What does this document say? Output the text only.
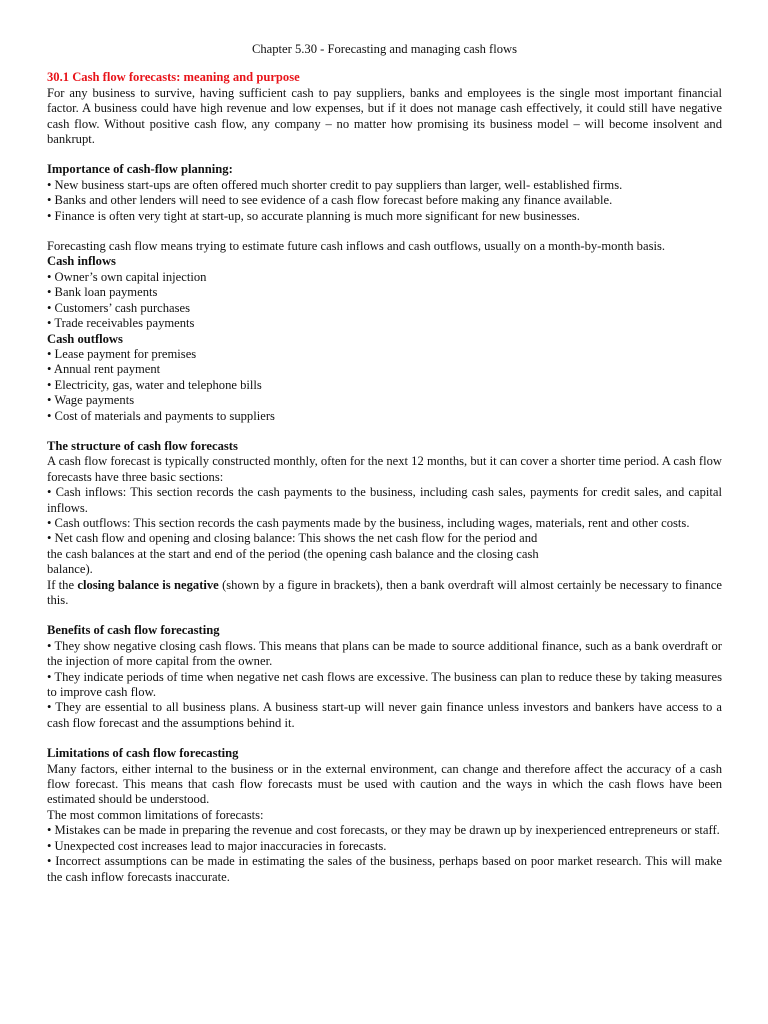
Chapter 5.30 - Forecasting and managing cash flows

30.1 Cash flow forecasts: meaning and purpose

For any business to survive, having sufficient cash to pay suppliers, banks and employees is the single most important financial factor. A business could have high revenue and low expenses, but if it does not manage cash effectively, it could still have negative cash flow. Without positive cash flow, any company – no matter how promising its business model – will become insolvent and bankrupt.

Importance of cash-flow planning:

• New business start-ups are often offered much shorter credit to pay suppliers than larger, well- established firms.
• Banks and other lenders will need to see evidence of a cash flow forecast before making any finance available.
• Finance is often very tight at start-up, so accurate planning is much more significant for new businesses.

Forecasting cash flow means trying to estimate future cash inflows and cash outflows, usually on a month-by-month basis.

Cash inflows

• Owner’s own capital injection
• Bank loan payments
• Customers’ cash purchases
• Trade receivables payments

Cash outflows

• Lease payment for premises
• Annual rent payment
• Electricity, gas, water and telephone bills
• Wage payments
• Cost of materials and payments to suppliers

The structure of cash flow forecasts

A cash flow forecast is typically constructed monthly, often for the next 12 months, but it can cover a shorter time period. A cash flow forecasts have three basic sections:

• Cash inflows: This section records the cash payments to the business, including cash sales, payments for credit sales, and capital inflows.

• Cash outflows: This section records the cash payments made by the business, including wages, materials, rent and other costs.

• Net cash flow and opening and closing balance: This shows the net cash flow for the period and
the cash balances at the start and end of the period (the opening cash balance and the closing cash
balance).

If the closing balance is negative (shown by a figure in brackets), then a bank overdraft will almost certainly be necessary to finance this.

Benefits of cash flow forecasting

• They show negative closing cash flows. This means that plans can be made to source additional finance, such as a bank overdraft or the injection of more capital from the owner.

• They indicate periods of time when negative net cash flows are excessive. The business can plan to reduce these by taking measures to improve cash flow.

• They are essential to all business plans. A business start-up will never gain finance unless investors and bankers have access to a cash flow forecast and the assumptions behind it.

Limitations of cash flow forecasting

Many factors, either internal to the business or in the external environment, can change and therefore affect the accuracy of a cash flow forecast. This means that cash flow forecasts must be used with caution and the ways in which the cash flows have been estimated should be understood.

The most common limitations of forecasts:

• Mistakes can be made in preparing the revenue and cost forecasts, or they may be drawn up by inexperienced entrepreneurs or staff.

• Unexpected cost increases lead to major inaccuracies in forecasts.

• Incorrect assumptions can be made in estimating the sales of the business, perhaps based on poor market research. This will make the cash inflow forecasts inaccurate.
